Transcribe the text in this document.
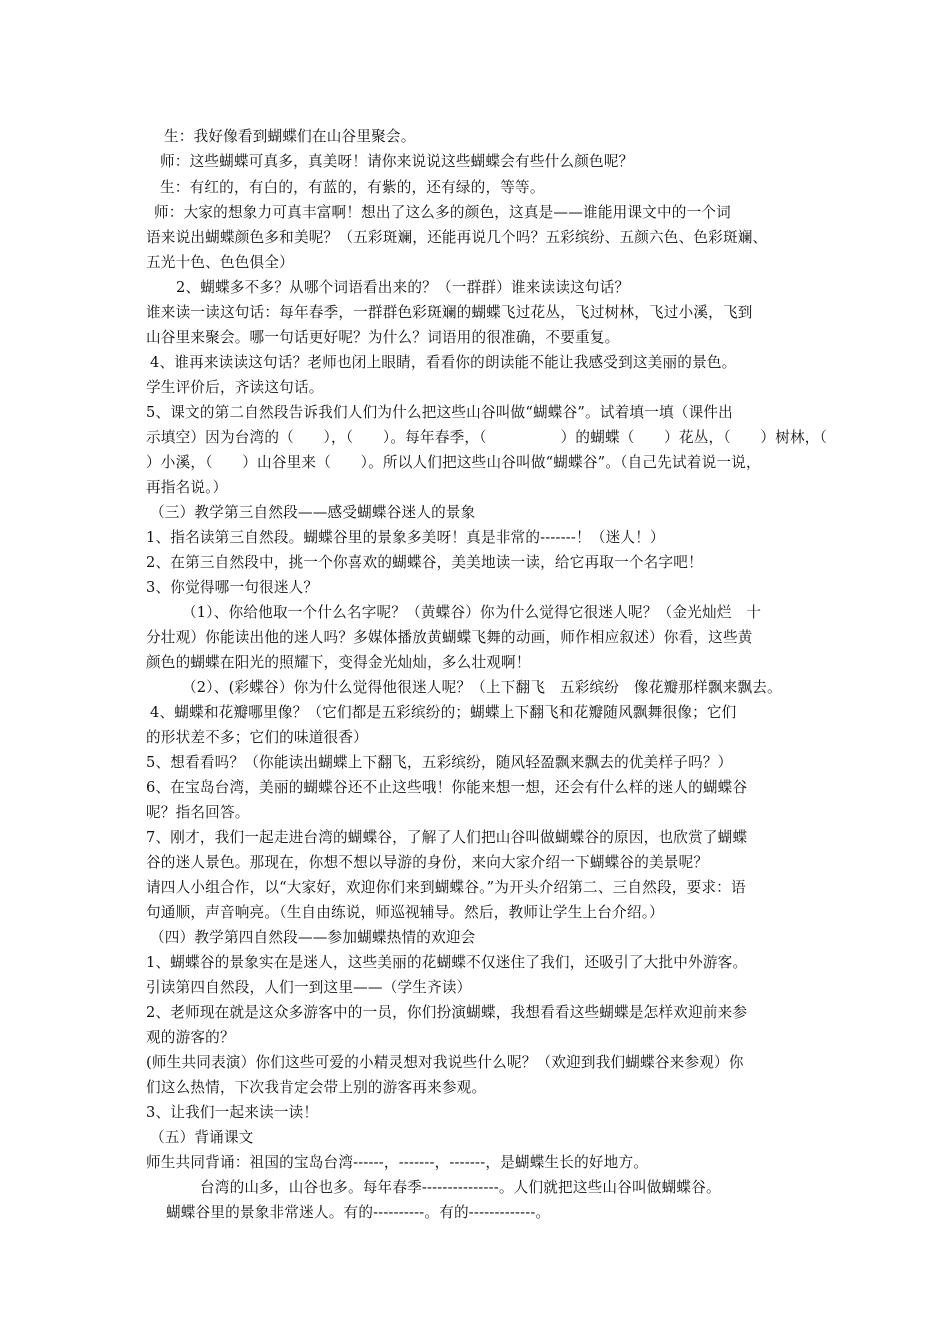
生：我好像看到蝴蝶们在山谷里聚会。
师：这些蝴蝶可真多，真美呀！请你来说说这些蝴蝶会有些什么颜色呢？
生：有红的，有白的，有蓝的，有紫的，还有绿的，等等。
师：大家的想象力可真丰富啊！想出了这么多的颜色，这真是——谁能用课文中的一个词
语来说出蝴蝶颜色多和美呢？（五彩斑斓，还能再说几个吗？五彩缤纷、五颜六色、色彩斑斓、
五光十色、色色俱全）
2、蝴蝶多不多？从哪个词语看出来的？（一群群）谁来读读这句话？
谁来读一读这句话：每年春季，一群群色彩斑斓的蝴蝶飞过花丛，飞过树林，飞过小溪，飞到
山谷里来聚会。哪一句话更好呢？为什么？词语用的很准确，不要重复。
4、谁再来读读这句话？老师也闭上眼睛，看看你的朗读能不能让我感受到这美丽的景色。
学生评价后，齐读这句话。
5、课文的第二自然段告诉我们人们为什么把这些山谷叫做“蝴蝶谷”。试着填一填（课件出
示填空）因为台湾的（　　），（　　）。每年春季，（　　　　　）的蝴蝶（　　）花丛，（　　）树林，（
）小溪，（　　）山谷里来（　　）。所以人们把这些山谷叫做“蝴蝶谷”。（自己先试着说一说，
再指名说。）
（三）教学第三自然段——感受蝴蝶谷迷人的景象
1、指名读第三自然段。蝴蝶谷里的景象多美呀！真是非常的-------！（迷人！）
2、在第三自然段中，挑一个你喜欢的蝴蝶谷，美美地读一读，给它再取一个名字吧！
3、你觉得哪一句很迷人？
（1）、你给他取一个什么名字呢？（黄蝶谷）你为什么觉得它很迷人呢？（金光灿烂　十
分壮观）你能读出他的迷人吗？多媒体播放黄蝴蝶飞舞的动画，师作相应叙述）你看，这些黄
颜色的蝴蝶在阳光的照耀下，变得金光灿灿，多么壮观啊！
（2）、(彩蝶谷）你为什么觉得他很迷人呢？（上下翻飞　五彩缤纷　像花瓣那样飘来飘去。
4、蝴蝶和花瓣哪里像？（它们都是五彩缤纷的；蝴蝶上下翻飞和花瓣随风飘舞很像；它们
的形状差不多；它们的味道很香）
5、想看看吗？（你能读出蝴蝶上下翻飞，五彩缤纷，随风轻盈飘来飘去的优美样子吗？）
6、在宝岛台湾，美丽的蝴蝶谷还不止这些哦！你能来想一想，还会有什么样的迷人的蝴蝶谷
呢？指名回答。
7、刚才，我们一起走进台湾的蝴蝶谷，了解了人们把山谷叫做蝴蝶谷的原因，也欣赏了蝴蝶
谷的迷人景色。那现在，你想不想以导游的身份，来向大家介绍一下蝴蝶谷的美景呢？
请四人小组合作，以“大家好，欢迎你们来到蝴蝶谷。”为开头介绍第二、三自然段，要求：语
句通顺，声音响亮。（生自由练说，师巡视辅导。然后，教师让学生上台介绍。）
（四）教学第四自然段——参加蝴蝶热情的欢迎会
1、蝴蝶谷的景象实在是迷人，这些美丽的花蝴蝶不仅迷住了我们，还吸引了大批中外游客。
引读第四自然段，人们一到这里——（学生齐读）
2、老师现在就是这众多游客中的一员，你们扮演蝴蝶，我想看看这些蝴蝶是怎样欢迎前来参
观的游客的？
(师生共同表演）你们这些可爱的小精灵想对我说些什么呢？（欢迎到我们蝴蝶谷来参观）你
们这么热情，下次我肯定会带上别的游客再来参观。
3、让我们一起来读一读！
（五）背诵课文
师生共同背诵：祖国的宝岛台湾------，-------，-------，是蝴蝶生长的好地方。
台湾的山多，山谷也多。每年春季---------------。人们就把这些山谷叫做蝴蝶谷。
蝴蝶谷里的景象非常迷人。有的----------。有的-------------。
